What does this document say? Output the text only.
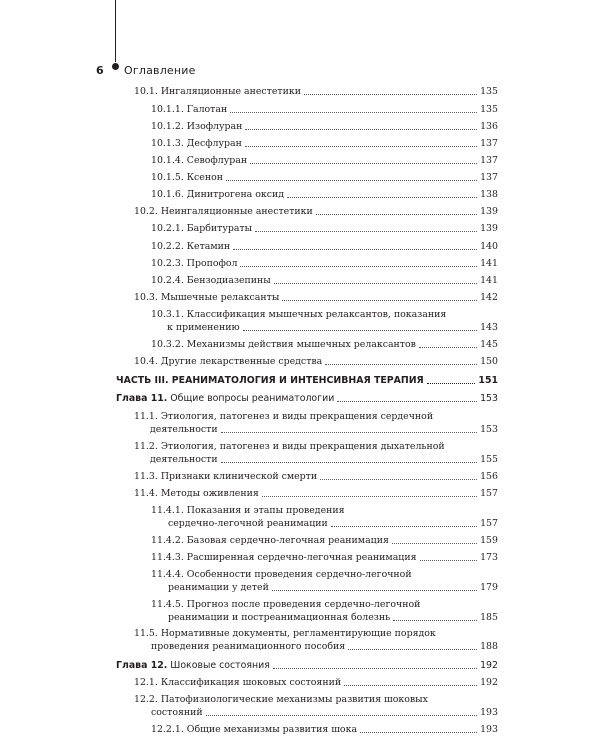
6 Оглавление
10.1. Ингаляционные анестетики	135
10.1.1. Галотан	135
10.1.2. Изофлуран	136
10.1.3. Десфлуран	137
10.1.4. Севофлуран	137
10.1.5. Ксенон	137
10.1.6. Динитрогена оксид	138
10.2. Неингаляционные анестетики	139
10.2.1. Барбитураты	139
10.2.2. Кетамин	140
10.2.3. Пропофол	141
10.2.4. Бензодиазепины	141
10.3. Мышечные релаксанты	142
10.3.1. Классификация мышечных релаксантов, показания
к применению	143
10.3.2. Механизмы действия мышечных релаксантов	145
10.4. Другие лекарственные средства	150
ЧАСТЬ III. РЕАНИМАТОЛОГИЯ И ИНТЕНСИВНАЯ ТЕРАПИЯ	151
Глава 11. Общие вопросы реаниматологии	153
11.1. Этиология, патогенез и виды прекращения сердечной
деятельности	153
11.2. Этиология, патогенез и виды прекращения дыхательной
деятельности	155
11.3. Признаки клинической смерти	156
11.4. Методы оживления	157
11.4.1. Показания и этапы проведения
сердечно-легочной реанимации	157
11.4.2. Базовая сердечно-легочная реанимация	159
11.4.3. Расширенная сердечно-легочная реанимация	173
11.4.4. Особенности проведения сердечно-легочной
реанимации у детей	179
11.4.5. Прогноз после проведения сердечно-легочной
реанимации и постреанимационная болезнь	185
11.5. Нормативные документы, регламентирующие порядок
проведения реанимационного пособия	188
Глава 12. Шоковые состояния	192
12.1. Классификация шоковых состояний	192
12.2. Патофизиологические механизмы развития шоковых
состояний	193
12.2.1. Общие механизмы развития шока	193
